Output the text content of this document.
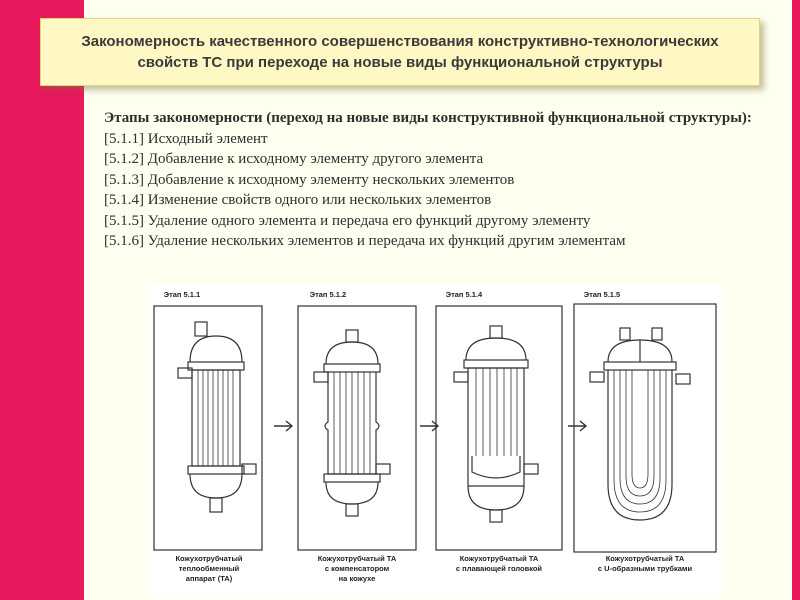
Закономерность качественного совершенствования конструктивно-технологических свойств ТС при переходе на новые виды функциональной структуры
Этапы закономерности (переход на новые виды конструктивной функциональной структуры):
[5.1.1] Исходный элемент
[5.1.2] Добавление к исходному элементу другого элемента
[5.1.3] Добавление к исходному элементу нескольких элементов
[5.1.4] Изменение свойств одного или нескольких элементов
[5.1.5] Удаление одного элемента и передача его функций другому элементу
[5.1.6] Удаление нескольких элементов и передача их функций другим элементам
Этап 5.1.1	Этап 5.1.2	Этап 5.1.4	Этап 5.1.5
Кожухотрубчатый
теплообменный
аппарат (ТА)
Кожухотрубчатый ТА
с компенсатором
на кожухе
Кожухотрубчатый ТА
с плавающей головкой
Кожухотрубчатый ТА
с U-образными трубками
